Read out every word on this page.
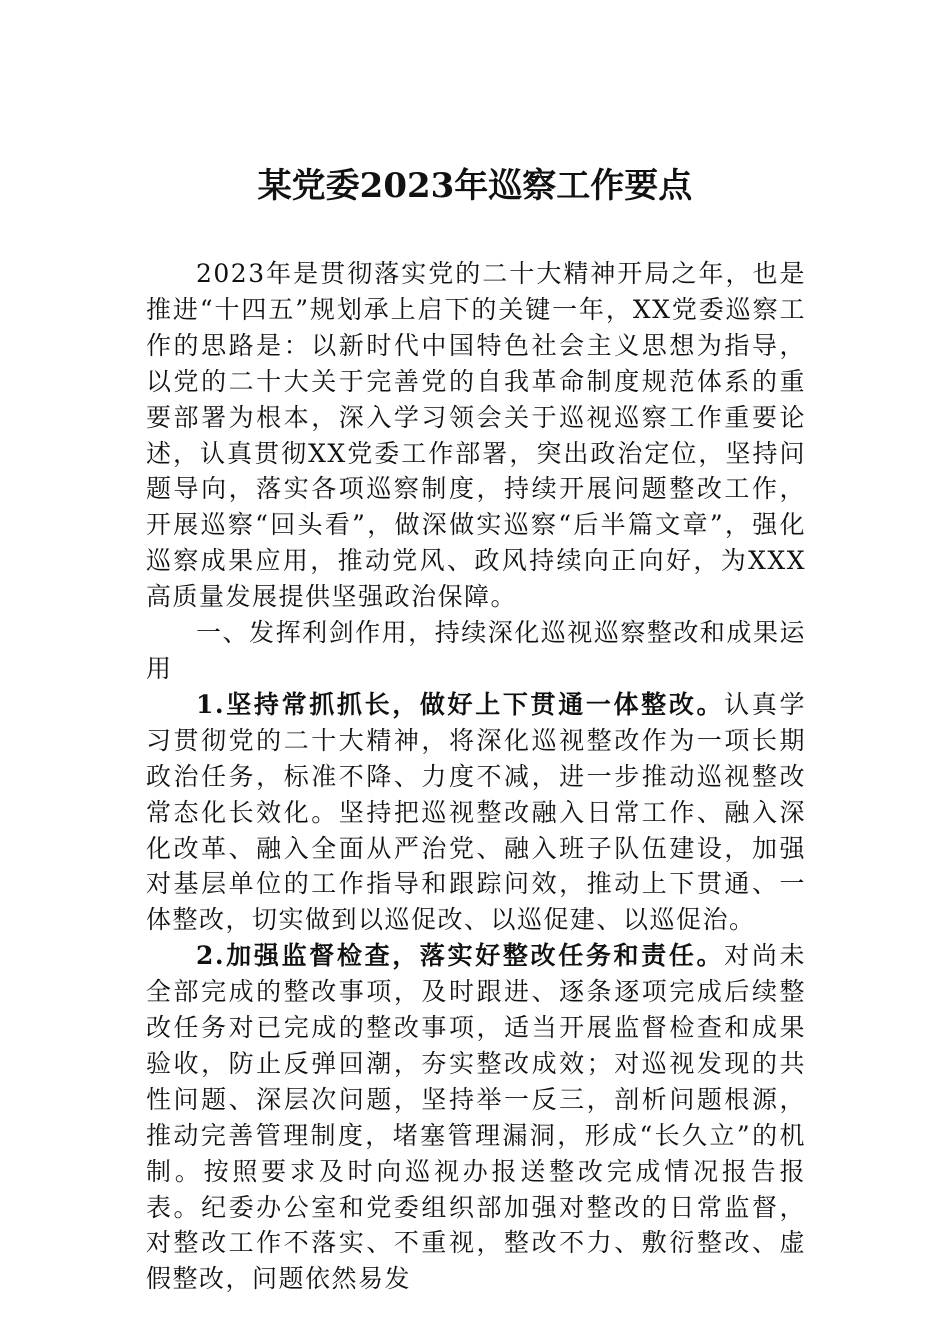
某党委2023年巡察工作要点

2023年是贯彻落实党的二十大精神开局之年，也是推进“十四五”规划承上启下的关键一年，XX党委巡察工作的思路是：以新时代中国特色社会主义思想为指导，以党的二十大关于完善党的自我革命制度规范体系的重要部署为根本，深入学习领会关于巡视巡察工作重要论述，认真贯彻XX党委工作部署，突出政治定位，坚持问题导向，落实各项巡察制度，持续开展问题整改工作，开展巡察“回头看”，做深做实巡察“后半篇文章”，强化巡察成果应用，推动党风、政风持续向正向好，为XXX高质量发展提供坚强政治保障。

一、发挥利剑作用，持续深化巡视巡察整改和成果运用

1.坚持常抓抓长，做好上下贯通一体整改。认真学习贯彻党的二十大精神，将深化巡视整改作为一项长期政治任务，标准不降、力度不减，进一步推动巡视整改常态化长效化。坚持把巡视整改融入日常工作、融入深化改革、融入全面从严治党、融入班子队伍建设，加强对基层单位的工作指导和跟踪问效，推动上下贯通、一体整改，切实做到以巡促改、以巡促建、以巡促治。

2.加强监督检查，落实好整改任务和责任。对尚未全部完成的整改事项，及时跟进、逐条逐项完成后续整改任务对已完成的整改事项，适当开展监督检查和成果验收，防止反弹回潮，夯实整改成效；对巡视发现的共性问题、深层次问题，坚持举一反三，剖析问题根源，推动完善管理制度，堵塞管理漏洞，形成“长久立”的机制。按照要求及时向巡视办报送整改完成情况报告报表。纪委办公室和党委组织部加强对整改的日常监督，对整改工作不落实、不重视，整改不力、敷衍整改、虚假整改，问题依然易发
